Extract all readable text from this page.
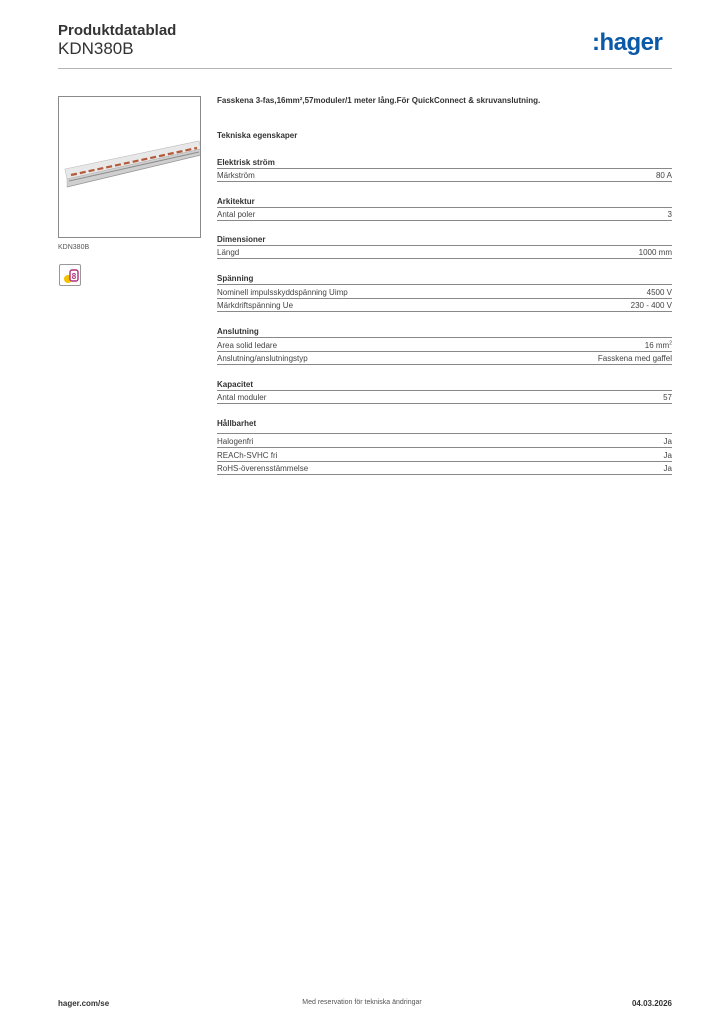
Produktdatablad
KDN380B	:hager
KDN380B
8
Fasskena 3-fas,16mm²,57moduler/1 meter lång.För QuickConnect & skruvanslutning.
Tekniska egenskaper
Elektrisk ström
Märkström	80 A
Arkitektur
Antal poler	3
Dimensioner
Längd	1000 mm
Spänning
Nominell impulsskyddspänning Uimp	4500 V
Märkdriftspänning Ue	230 - 400 V
Anslutning
Area solid ledare	16 $mm^2$
Anslutning/anslutningstyp	Fasskena med gaffel
Kapacitet
Antal moduler	57
Hållbarhet
Halogenfri	Ja
REACh-SVHC fri	Ja
RoHS-överensstämmelse	Ja
hager.com/se	Med reservation för tekniska ändringar	04.03.2026
